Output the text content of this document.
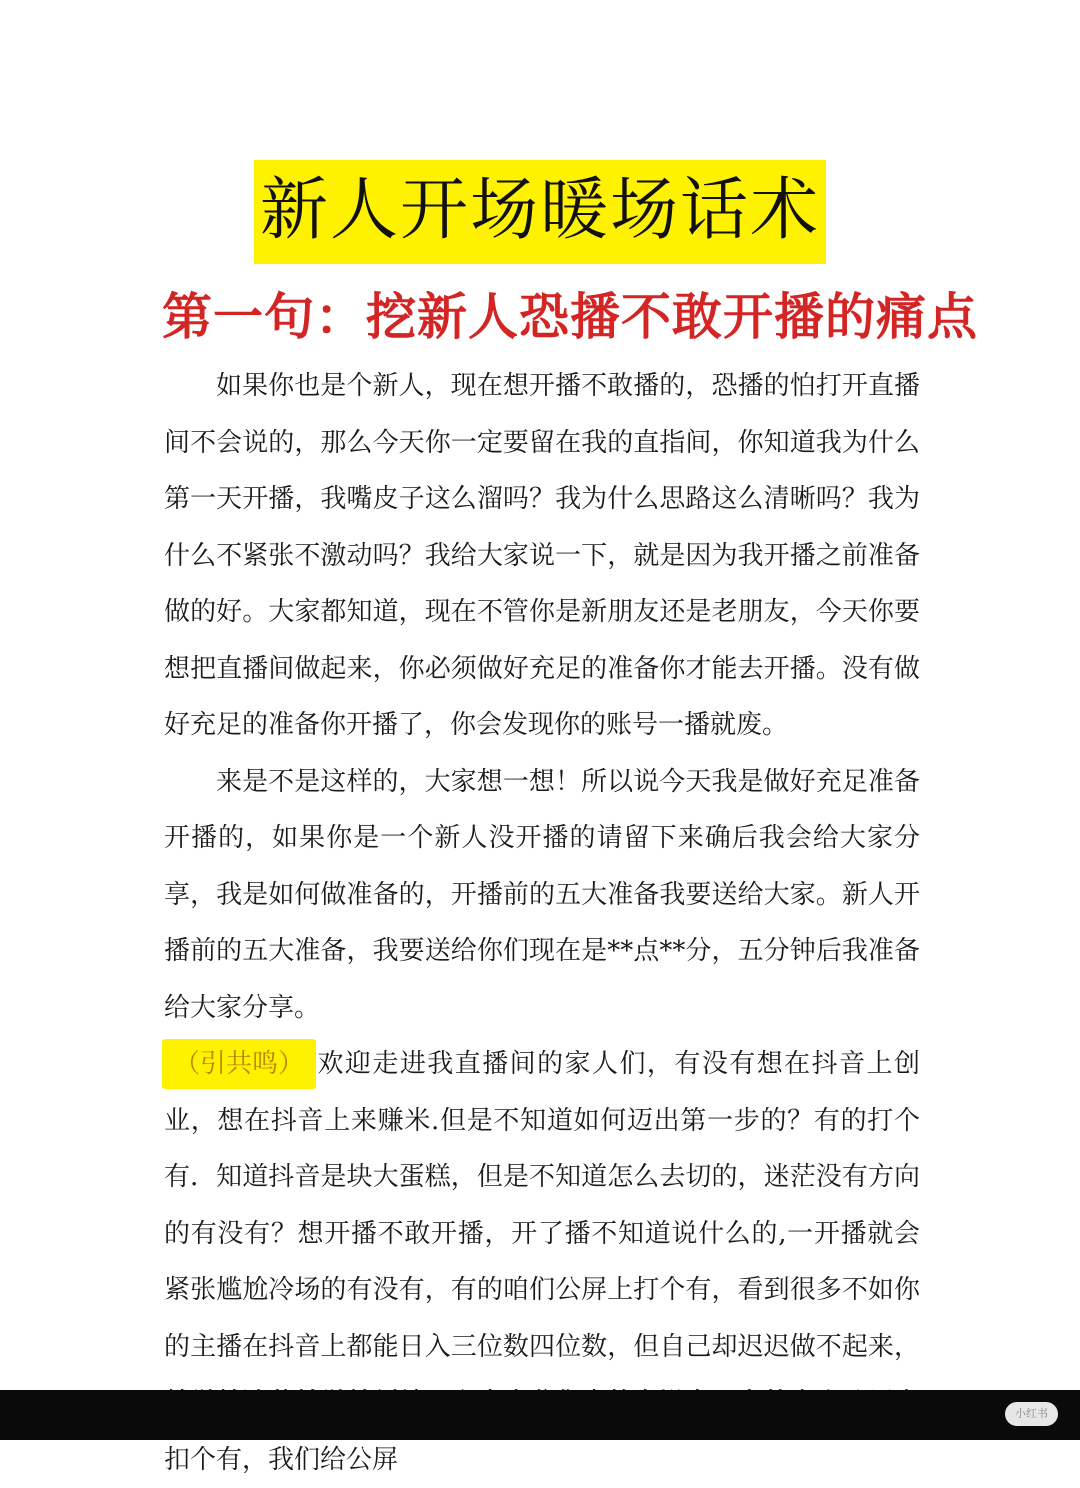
新人开场暖场话术
第一句：挖新人恐播不敢开播的痛点

如果你也是个新人，现在想开播不敢播的，恐播的怕打开直播间不会说的，那么今天你一定要留在我的直指间，你知道我为什么第一天开播，我嘴皮子这么溜吗？我为什么思路这么清晰吗？我为什么不紧张不激动吗？我给大家说一下，就是因为我开播之前准备做的好。大家都知道，现在不管你是新朋友还是老朋友，今天你要想把直播间做起来，你必须做好充足的准备你才能去开播。没有做好充足的准备你开播了，你会发现你的账号一播就废。

来是不是这样的，大家想一想！所以说今天我是做好充足准备开播的，如果你是一个新人没开播的请留下来确后我会给大家分享，我是如何做准备的，开播前的五大准备我要送给大家。新人开播前的五大准备，我要送给你们现在是**点**分，五分钟后我准备给大家分享。

（引共鸣） 欢迎走进我直播间的家人们，有没有想在抖音上创业，想在抖音上来赚米.但是不知道如何迈出第一步的？有的打个有．知道抖音是块大蛋糕，但是不知道怎么去切的，迷茫没有方向的有没有？想开播不敢开播，开了播不知道说什么的,一开播就会紧张尴尬冷场的有没有，有的咱们公屏上打个有，看到很多不如你的主播在抖音上都能日入三位数四位数，但自己却迟迟做不起来， 扣个有，我们给公屏

小红书
